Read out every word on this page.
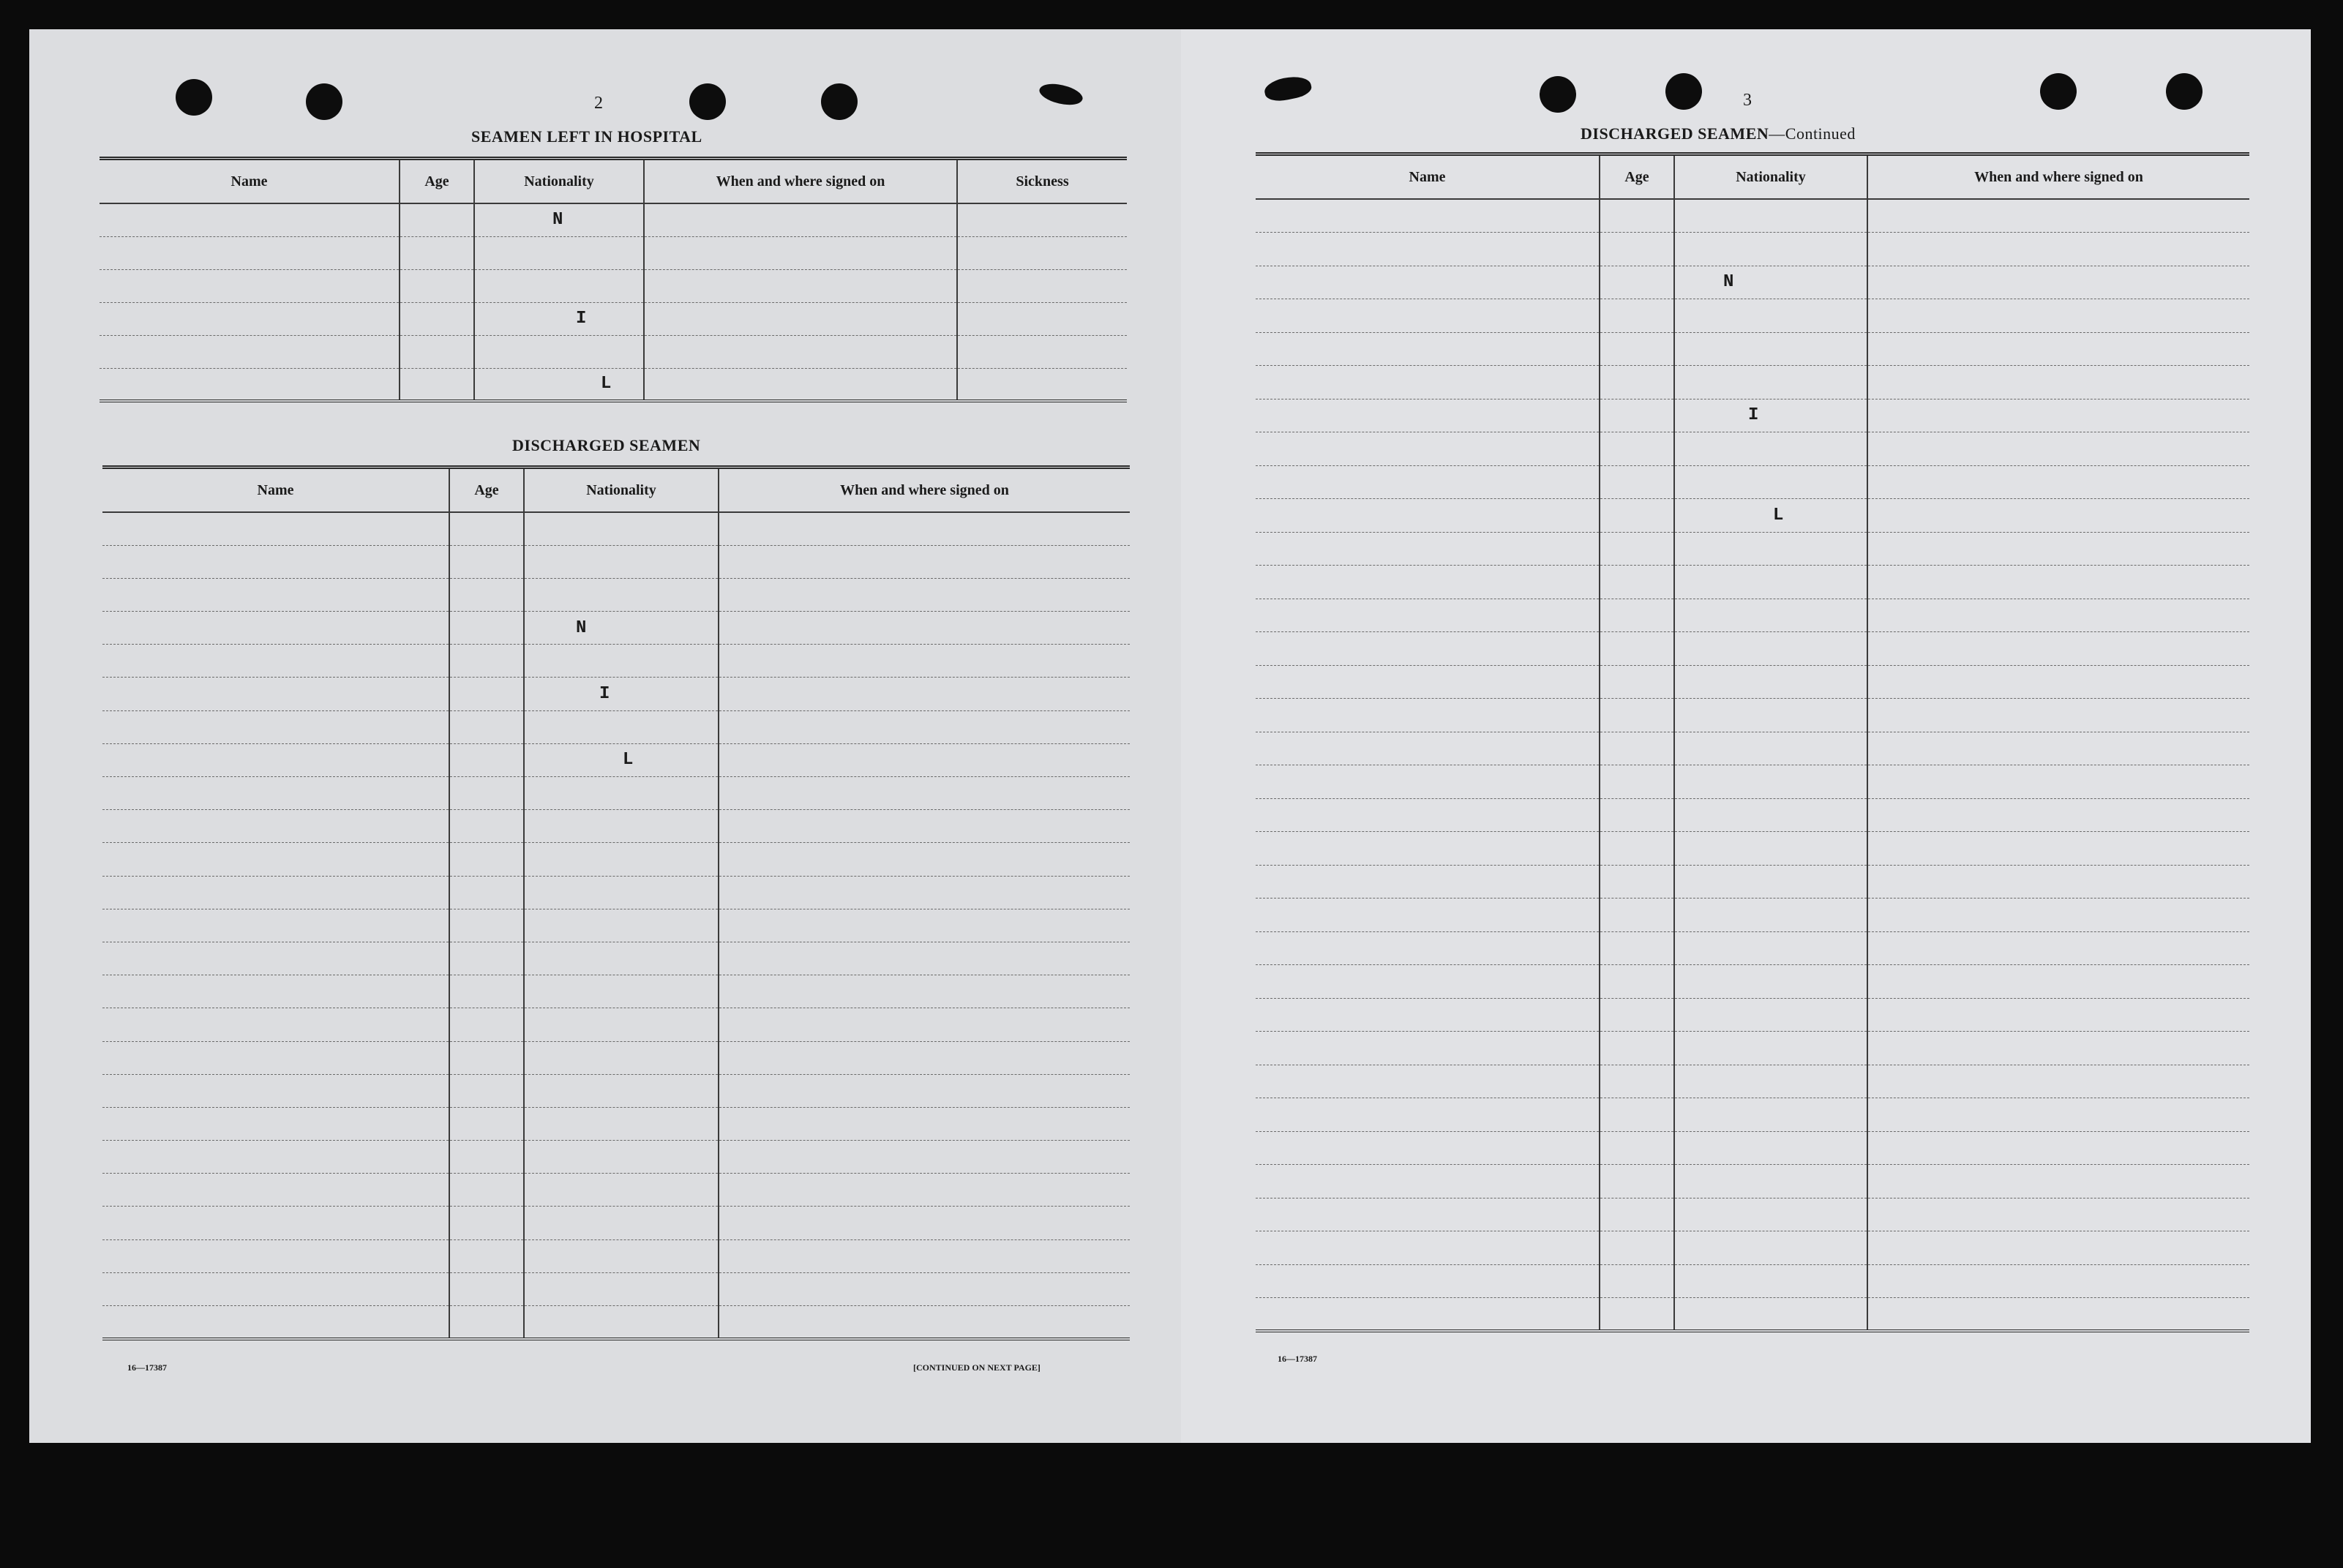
2
SEAMEN LEFT IN HOSPITAL
Name	Age	Nationality	When and where signed on	Sickness
		N		

		I		

		L		
DISCHARGED SEAMEN
Name	Age	Nationality	When and where signed on

		N	

		I	

		L	

16—17387	[CONTINUED ON NEXT PAGE]
3
DISCHARGED SEAMEN—Continued
Name	Age	Nationality	When and where signed on

		N	

		I	

		L	

16—17387
